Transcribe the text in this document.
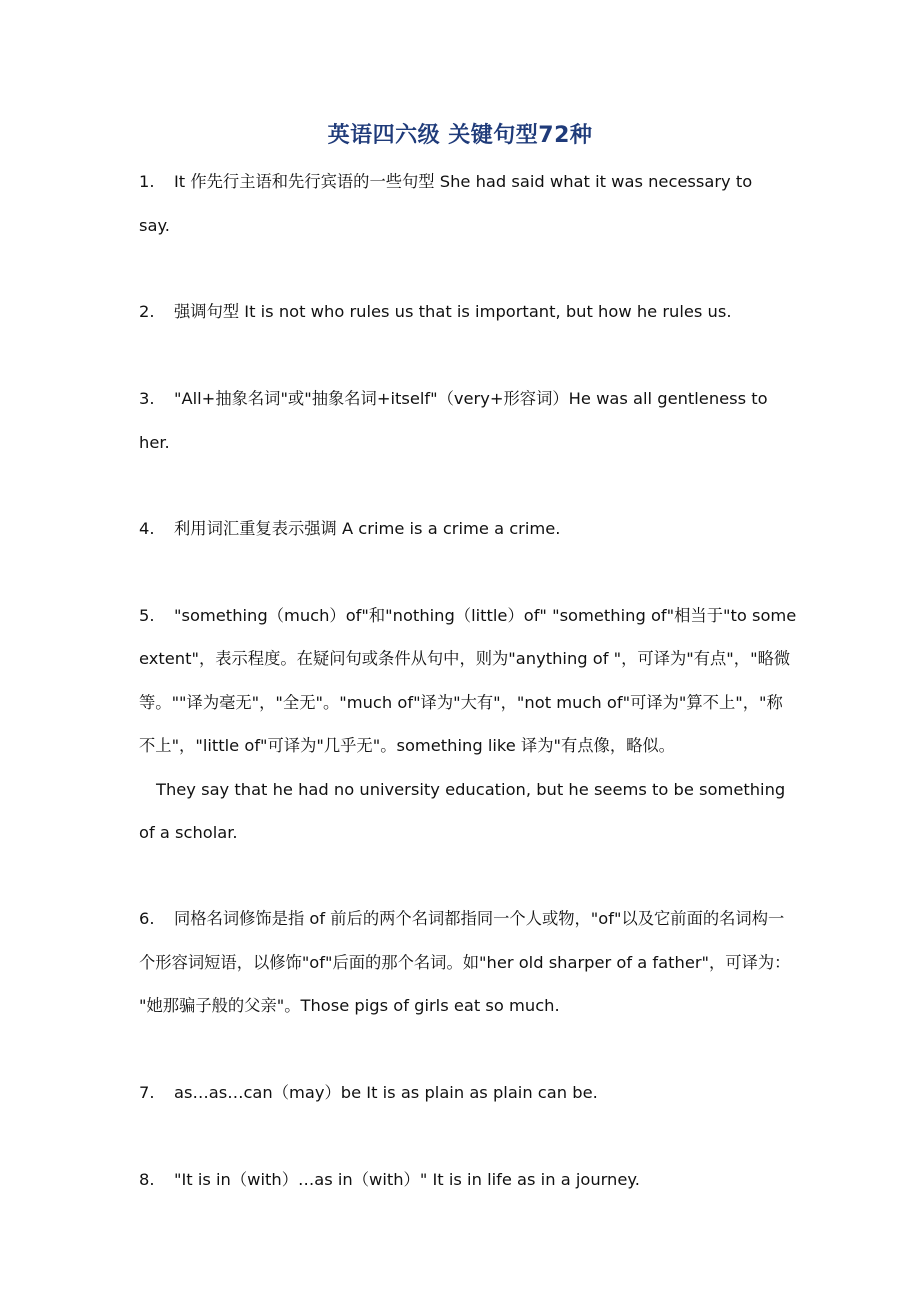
英语四六级 关键句型72种
1. It 作先行主语和先行宾语的一些句型 She had said what it was necessary to
say.
2. 强调句型 It is not who rules us that is important, but how he rules us.
3. "All+抽象名词"或"抽象名词+itself"（very+形容词）He was all gentleness to
her.
4. 利用词汇重复表示强调 A crime is a crime a crime.
5. "something（much）of"和"nothing（little）of" "something of"相当于"to some
extent"，表示程度。在疑问句或条件从句中，则为"anything of "，可译为"有点"，"略微
等。""译为毫无"，"全无"。"much of"译为"大有"，"not much of"可译为"算不上"，"称
不上"，"little of"可译为"几乎无"。something like 译为"有点像，略似。
They say that he had no university education, but he seems to be something
of a scholar.
6. 同格名词修饰是指 of 前后的两个名词都指同一个人或物，"of"以及它前面的名词构一
个形容词短语，以修饰"of"后面的那个名词。如"her old sharper of a father"，可译为：
"她那骗子般的父亲"。Those pigs of girls eat so much.
7. as…as…can（may）be It is as plain as plain can be.
8. "It is in（with）…as in（with）" It is in life as in a journey.
